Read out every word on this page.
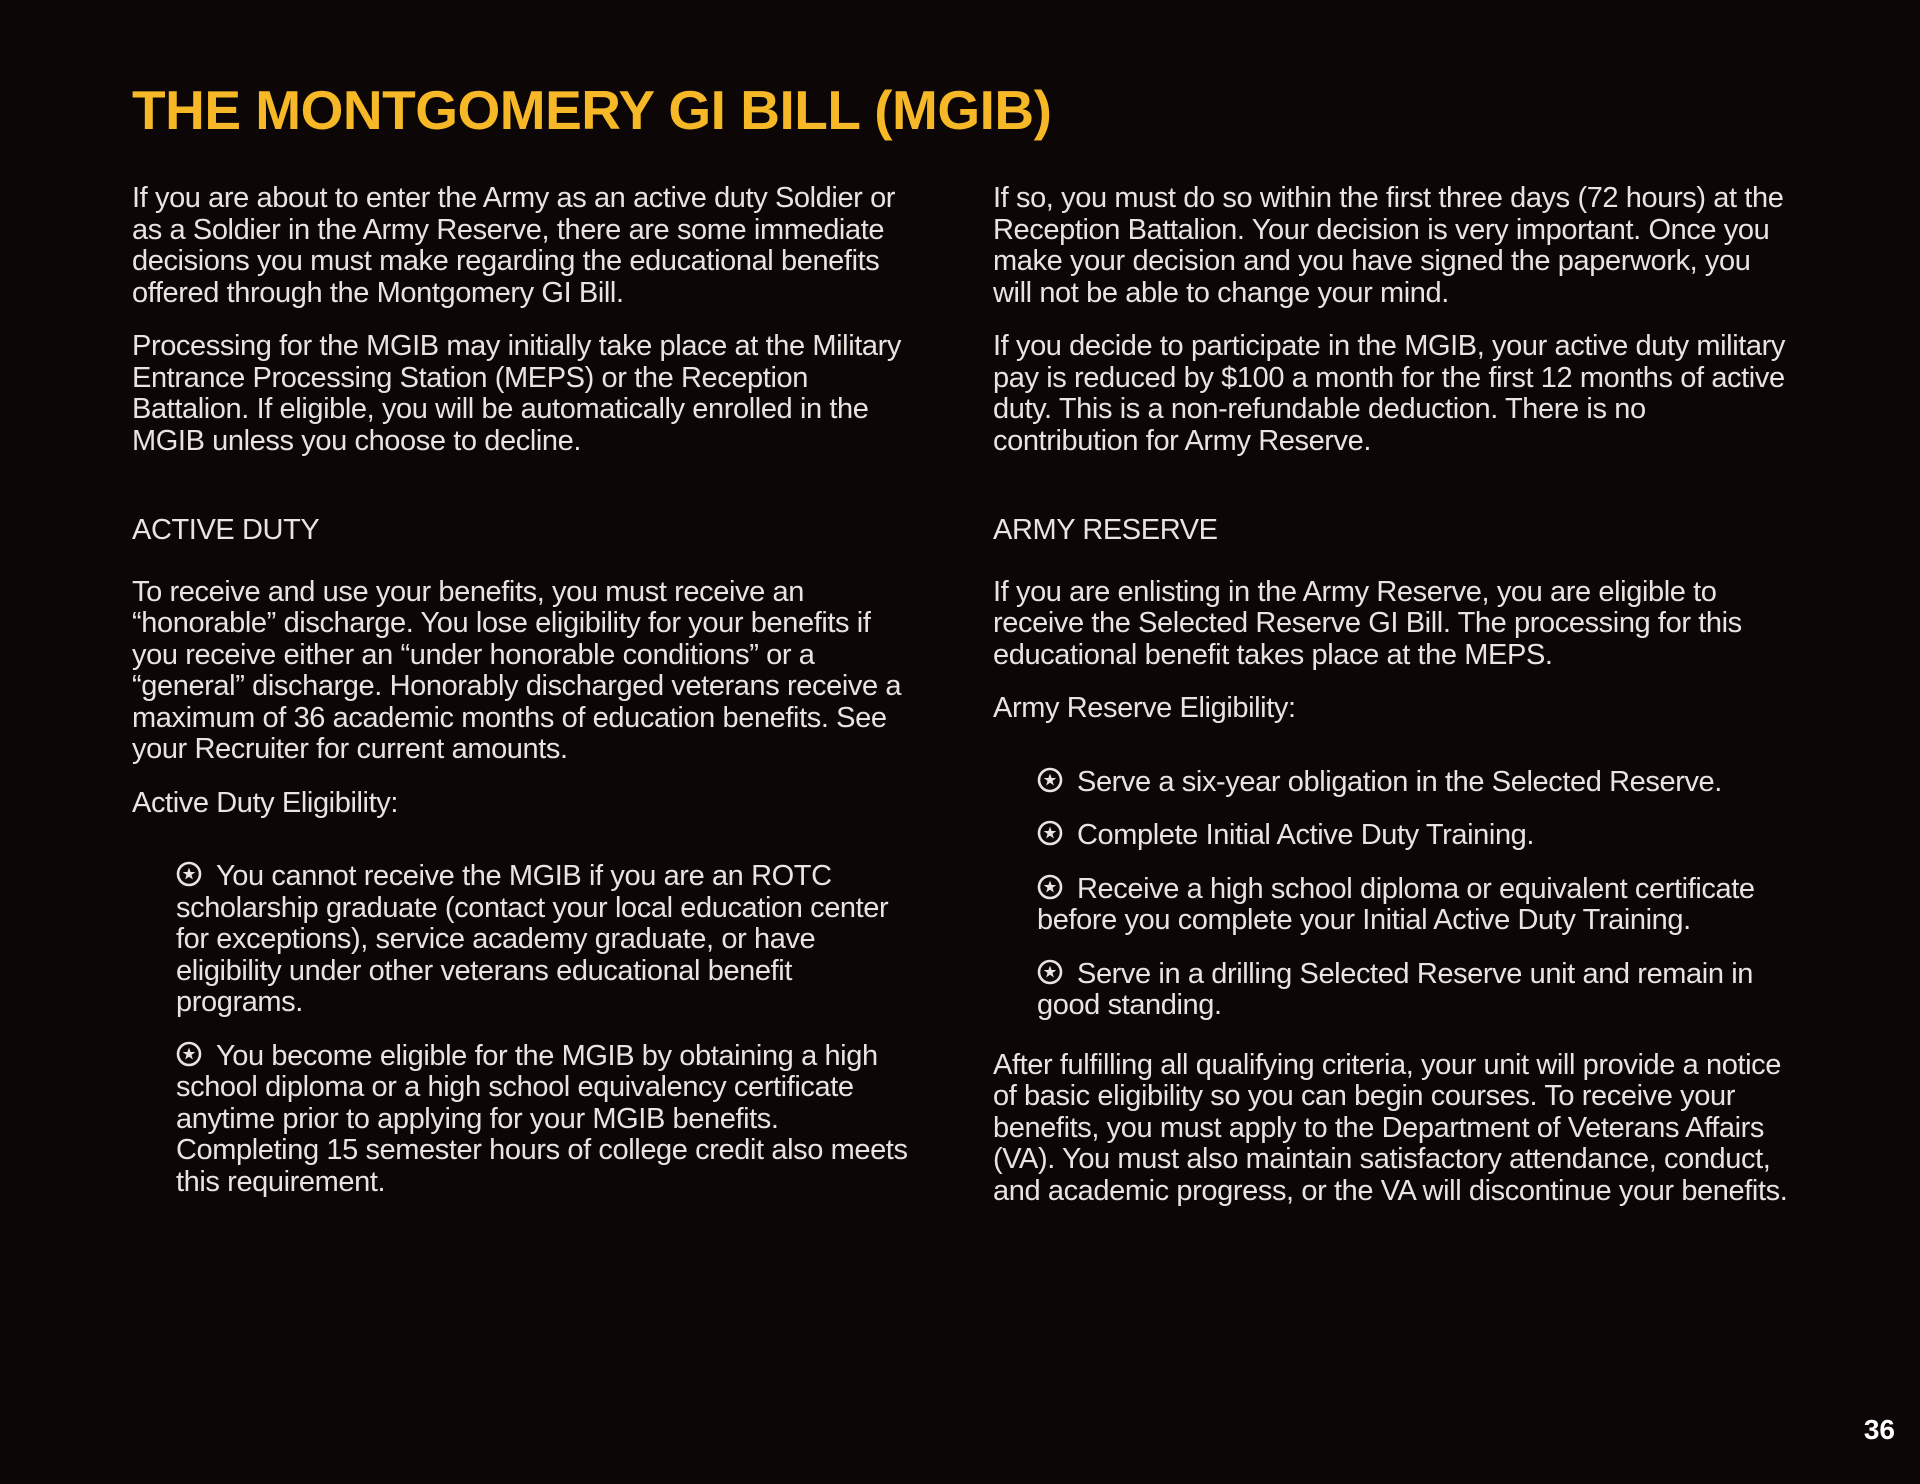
THE MONTGOMERY GI BILL (MGIB)

If you are about to enter the Army as an active duty Soldier or as a Soldier in the Army Reserve, there are some immediate decisions you must make regarding the educational benefits offered through the Montgomery GI Bill.

Processing for the MGIB may initially take place at the Military Entrance Processing Station (MEPS) or the Reception Battalion. If eligible, you will be automatically enrolled in the MGIB unless you choose to decline.

ACTIVE DUTY

To receive and use your benefits, you must receive an “honorable” discharge. You lose eligibility for your benefits if you receive either an “under honorable conditions” or a “general” discharge. Honorably discharged veterans receive a maximum of 36 academic months of education benefits. See your Recruiter for current amounts.

Active Duty Eligibility:

You cannot receive the MGIB if you are an ROTC scholarship graduate (contact your local education center for exceptions), service academy graduate, or have eligibility under other veterans educational benefit programs.
You become eligible for the MGIB by obtaining a high school diploma or a high school equivalency certificate anytime prior to applying for your MGIB benefits. Completing 15 semester hours of college credit also meets this requirement.

If so, you must do so within the first three days (72 hours) at the Reception Battalion. Your decision is very important. Once you make your decision and you have signed the paperwork, you will not be able to change your mind.

If you decide to participate in the MGIB, your active duty military pay is reduced by $100 a month for the first 12 months of active duty. This is a non-refundable deduction. There is no contribution for Army Reserve.

ARMY RESERVE

If you are enlisting in the Army Reserve, you are eligible to receive the Selected Reserve GI Bill. The processing for this educational benefit takes place at the MEPS.

Army Reserve Eligibility:

Serve a six-year obligation in the Selected Reserve.
Complete Initial Active Duty Training.
Receive a high school diploma or equivalent certificate before you complete your Initial Active Duty Training.
Serve in a drilling Selected Reserve unit and remain in good standing.

After fulfilling all qualifying criteria, your unit will provide a notice of basic eligibility so you can begin courses. To receive your benefits, you must apply to the Department of Veterans Affairs (VA). You must also maintain satisfactory attendance, conduct, and academic progress, or the VA will discontinue your benefits.

36
